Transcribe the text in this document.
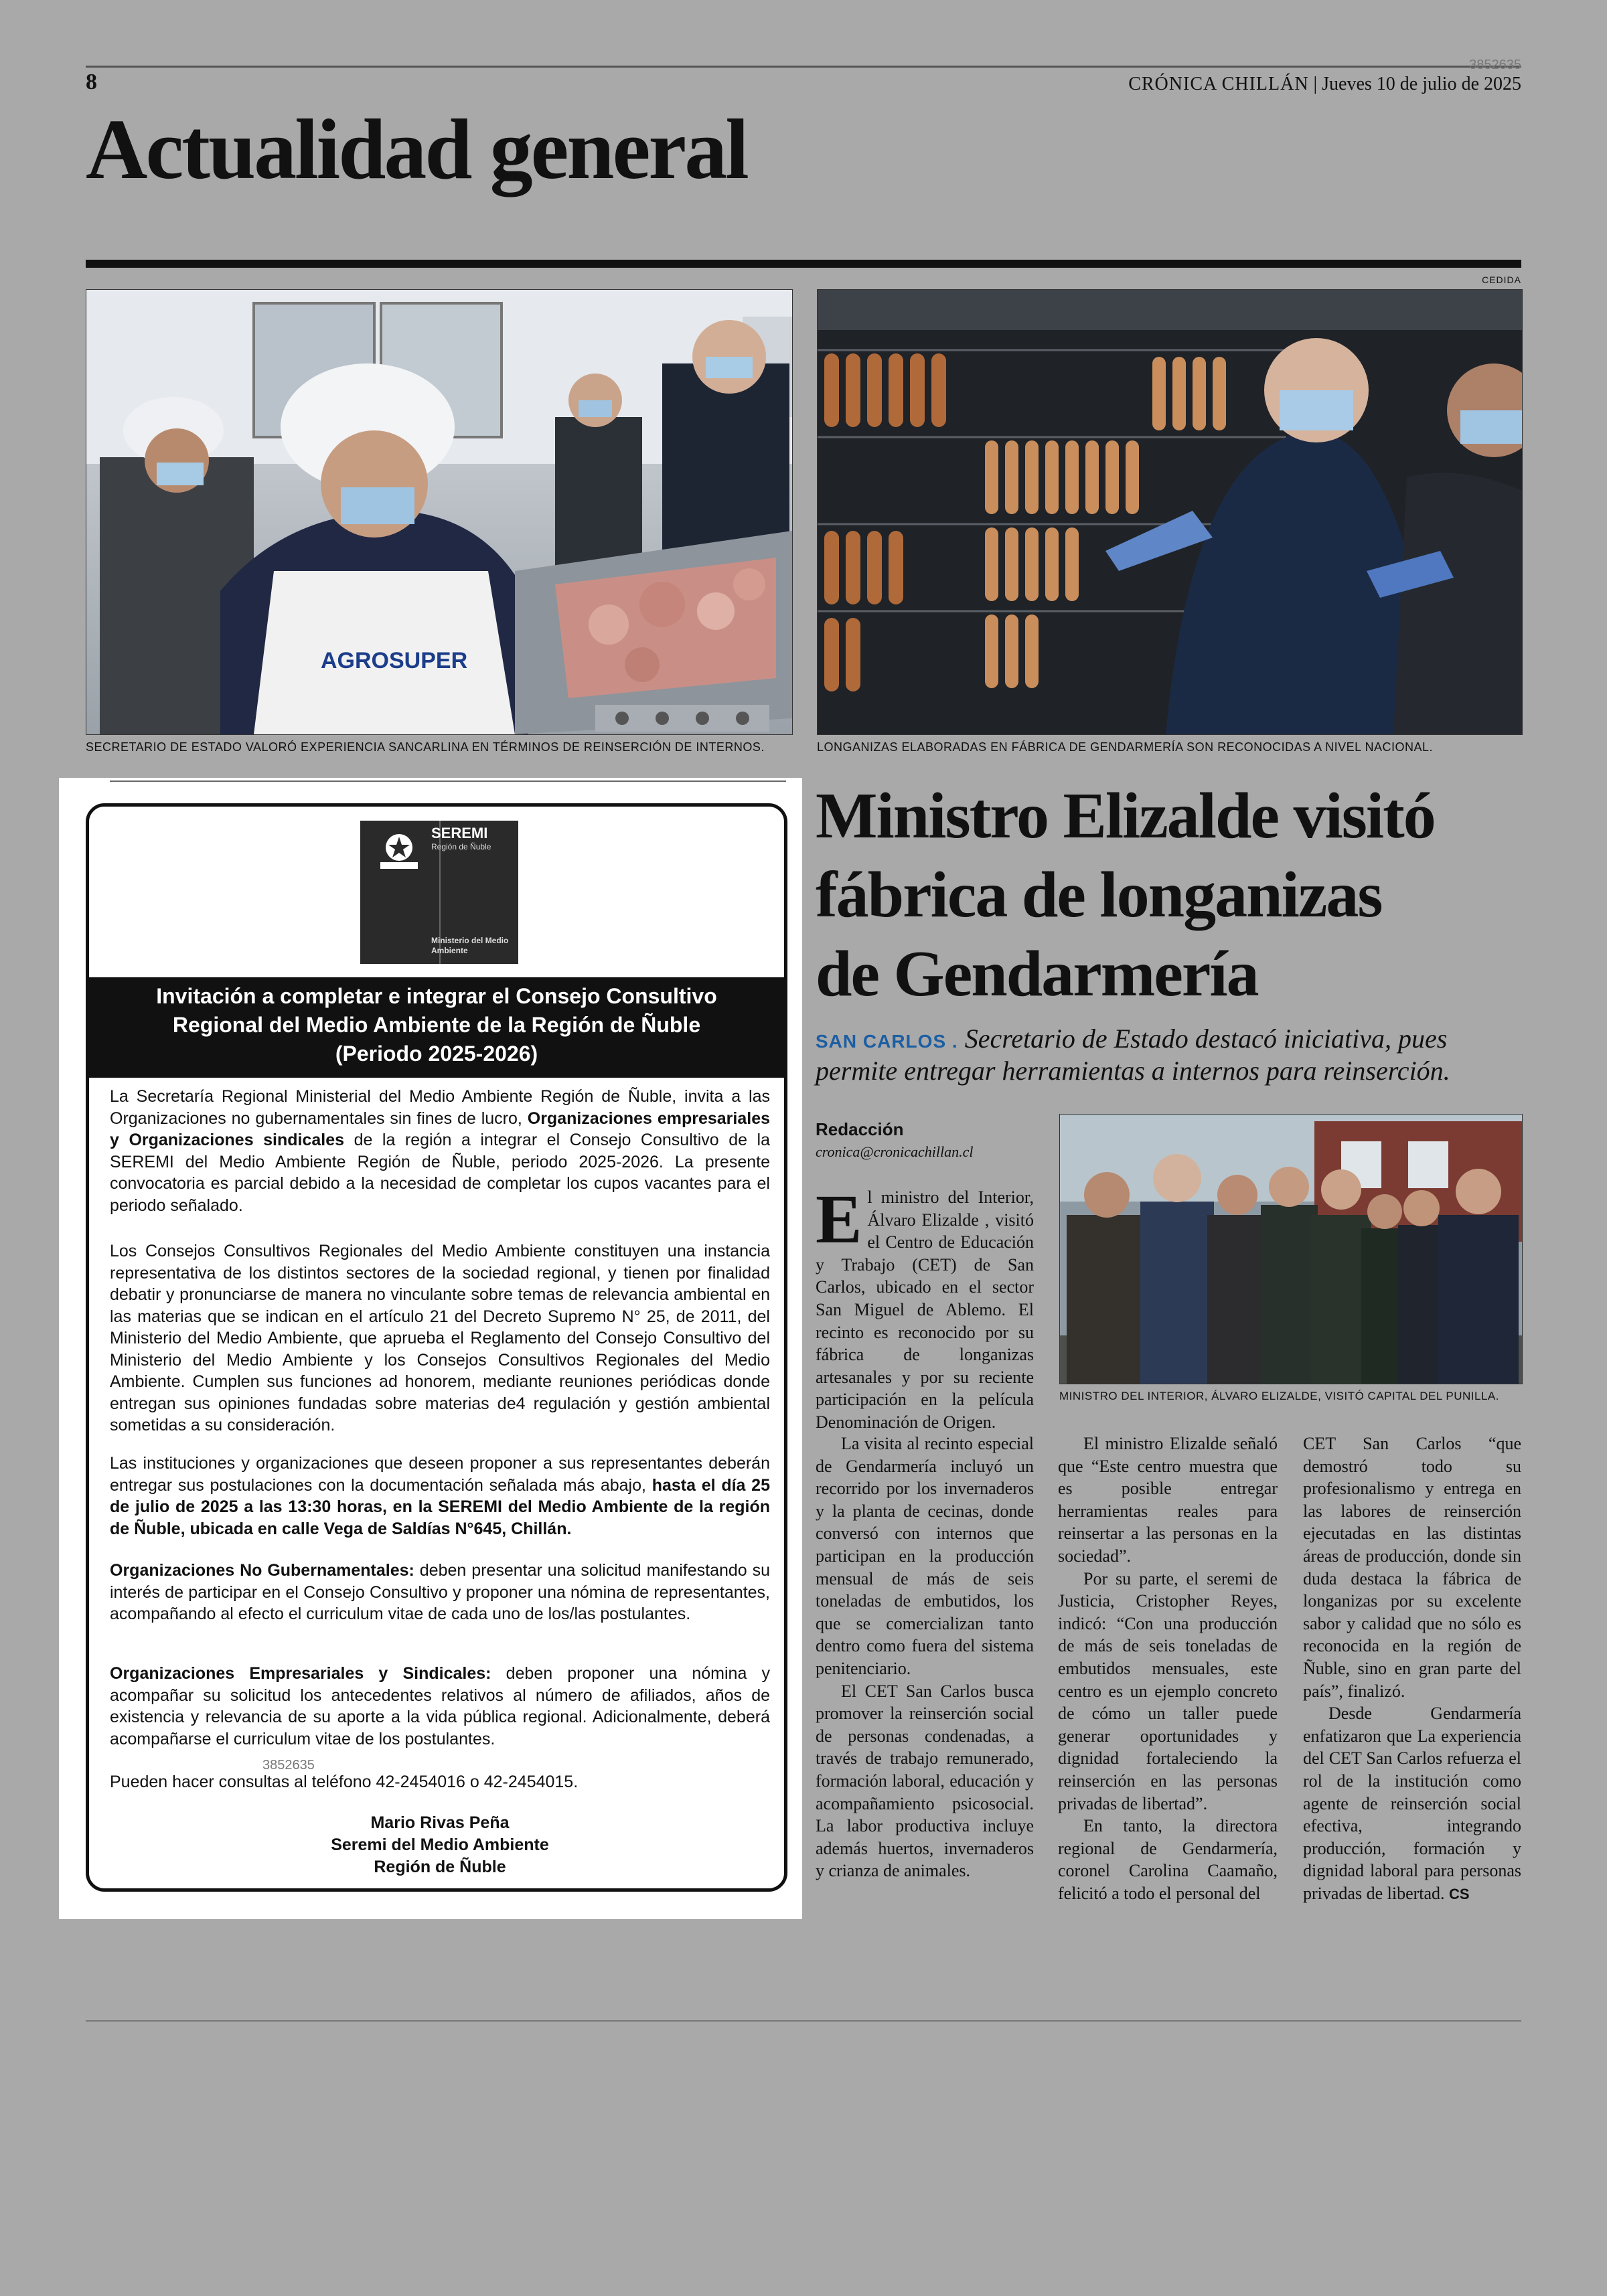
8
3852635
CRÓNICA CHILLÁN | Jueves 10 de julio de 2025
Actualidad general
CEDIDA
AGROSUPER
SECRETARIO DE ESTADO VALORÓ EXPERIENCIA SANCARLINA EN TÉRMINOS DE REINSERCIÓN DE INTERNOS.	LONGANIZAS ELABORADAS EN FÁBRICA DE GENDARMERÍA SON RECONOCIDAS A NIVEL NACIONAL.
SEREMI
Región de Ñuble
Ministerio del Medio Ambiente
Invitación a completar e integrar el Consejo Consultivo
Regional del Medio Ambiente de la Región de Ñuble
(Periodo 2025-2026)
La Secretaría Regional Ministerial del Medio Ambiente Región de Ñuble, invita a las Organizaciones no gubernamentales sin fines de lucro, Organizaciones empresariales y Organizaciones sindicales de la región a integrar el Consejo Consultivo de la SEREMI del Medio Ambiente Región de Ñuble, periodo 2025-2026. La presente convocatoria es parcial debido a la necesidad de completar los cupos vacantes para el periodo señalado.
Los Consejos Consultivos Regionales del Medio Ambiente constituyen una instancia representativa de los distintos sectores de la sociedad regional, y tienen por finalidad debatir y pronunciarse de manera no vinculante sobre temas de relevancia ambiental en las materias que se indican en el artículo 21 del Decreto Supremo N° 25, de 2011, del Ministerio del Medio Ambiente, que aprueba el Reglamento del Consejo Consultivo del Ministerio del Medio Ambiente y los Consejos Consultivos Regionales del Medio Ambiente. Cumplen sus funciones ad honorem, mediante reuniones periódicas donde entregan sus opiniones fundadas sobre materias de4 regulación y gestión ambiental sometidas a su consideración.
Las instituciones y organizaciones que deseen proponer a sus representantes deberán entregar sus postulaciones con la documentación señalada más abajo, hasta el día 25 de julio de 2025 a las 13:30 horas, en la SEREMI del Medio Ambiente de la región de Ñuble, ubicada en calle Vega de Saldías N°645, Chillán.
Organizaciones No Gubernamentales: deben presentar una solicitud manifestando su interés de participar en el Consejo Consultivo y proponer una nómina de representantes, acompañando al efecto el curriculum vitae de cada uno de los/las postulantes.
Organizaciones Empresariales y Sindicales: deben proponer una nómina y acompañar su solicitud los antecedentes relativos al número de afiliados, años de existencia y relevancia de su aporte a la vida pública regional. Adicionalmente, deberá acompañarse el curriculum vitae de los postulantes.
3852635
Pueden hacer consultas al teléfono 42-2454016 o 42-2454015.
Mario Rivas Peña
Seremi del Medio Ambiente
Región de Ñuble
Ministro Elizalde visitó
fábrica de longanizas
de Gendarmería
SAN CARLOS . Secretario de Estado destacó iniciativa, pues permite entregar herramientas a internos para reinserción.
Redacción
cronica@cronicachillan.cl
MINISTRO DEL INTERIOR, ÁLVARO ELIZALDE, VISITÓ CAPITAL DEL PUNILLA.

El ministro del Interior, Álvaro Elizalde , visitó el Centro de Educación y Trabajo (CET) de San Carlos, ubicado en el sector San Miguel de Ablemo. El recinto es reconocido por su fábrica de longanizas artesanales y por su reciente participación en la película Denominación de Origen.

La visita al recinto especial de Gendarmería incluyó un recorrido por los invernaderos y la planta de cecinas, donde conversó con internos que participan en la producción mensual de más de seis toneladas de embutidos, los que se comercializan tanto dentro como fuera del sistema penitenciario.

El CET San Carlos busca promover la reinserción social de personas condenadas, a través de trabajo remunerado, formación laboral, educación y acompañamiento psicosocial. La labor productiva incluye además huertos, invernaderos y crianza de animales.

El ministro Elizalde señaló que “Este centro muestra que es posible entregar herramientas reales para reinsertar a las personas en la sociedad”.

Por su parte, el seremi de Justicia, Cristopher Reyes, indicó: “Con una producción de más de seis toneladas de embutidos mensuales, este centro es un ejemplo concreto de cómo un taller puede generar oportunidades y dignidad fortaleciendo la reinserción en las personas privadas de libertad”.

En tanto, la directora regional de Gendarmería, coronel Carolina Caamaño, felicitó a todo el personal del

CET San Carlos “que demostró todo su profesionalismo y entrega en las labores de reinserción ejecutadas en las distintas áreas de producción, donde sin duda destaca la fábrica de longanizas por su excelente sabor y calidad que no sólo es reconocida en la región de Ñuble, sino en gran parte del país”, finalizó.

Desde Gendarmería enfatizaron que La experiencia del CET San Carlos refuerza el rol de la institución como agente de reinserción social efectiva, integrando producción, formación y dignidad laboral para personas privadas de libertad. CS
